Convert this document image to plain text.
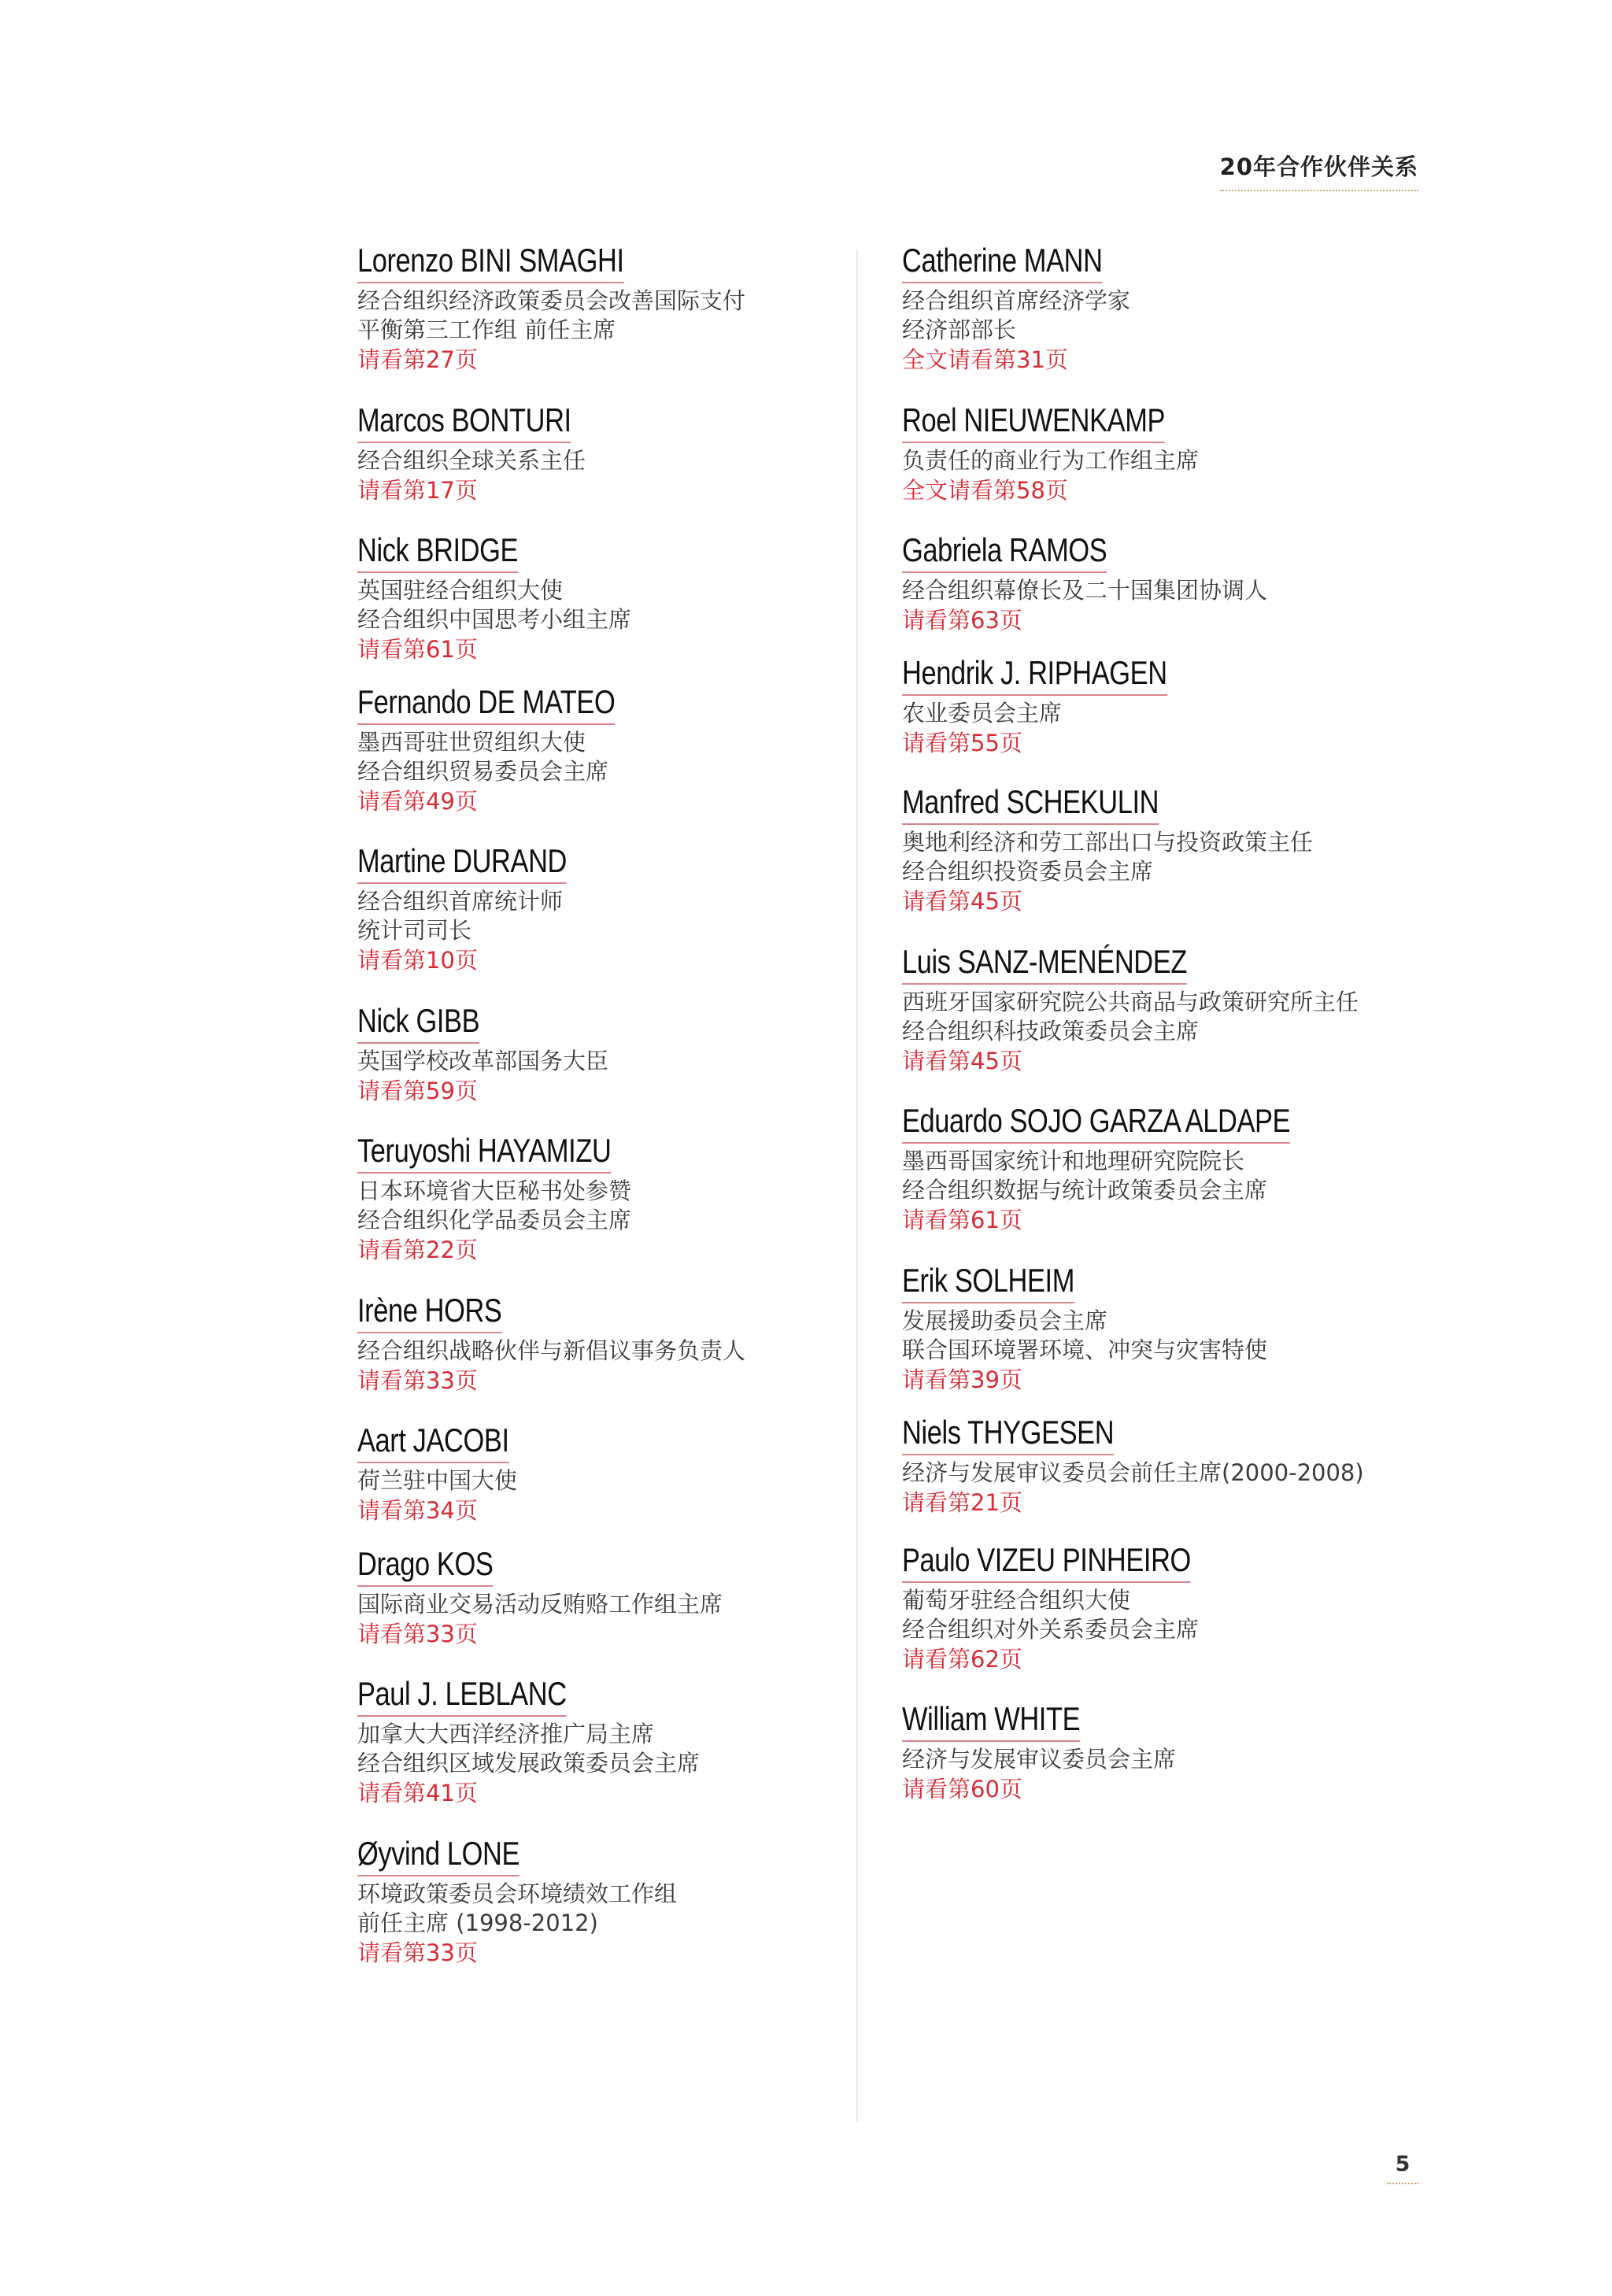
20年合作伙伴关系
Lorenzo BINI SMAGHI
经合组织经济政策委员会改善国际支付
平衡第三工作组 前任主席
请看第27页
Marcos BONTURI
经合组织全球关系主任
请看第17页
Nick BRIDGE
英国驻经合组织大使
经合组织中国思考小组主席
请看第61页
Fernando DE MATEO
墨西哥驻世贸组织大使
经合组织贸易委员会主席
请看第49页
Martine DURAND
经合组织首席统计师
统计司司长
请看第10页
Nick GIBB
英国学校改革部国务大臣
请看第59页
Teruyoshi HAYAMIZU
日本环境省大臣秘书处参赞
经合组织化学品委员会主席
请看第22页
Irène HORS
经合组织战略伙伴与新倡议事务负责人
请看第33页
Aart JACOBI
荷兰驻中国大使
请看第34页
Drago KOS
国际商业交易活动反贿赂工作组主席
请看第33页
Paul J. LEBLANC
加拿大大西洋经济推广局主席
经合组织区域发展政策委员会主席
请看第41页
Øyvind LONE
环境政策委员会环境绩效工作组
前任主席 (1998-2012)
请看第33页
Catherine MANN
经合组织首席经济学家
经济部部长
全文请看第31页
Roel NIEUWENKAMP
负责任的商业行为工作组主席
全文请看第58页
Gabriela RAMOS
经合组织幕僚长及二十国集团协调人
请看第63页
Hendrik J. RIPHAGEN
农业委员会主席
请看第55页
Manfred SCHEKULIN
奥地利经济和劳工部出口与投资政策主任
经合组织投资委员会主席
请看第45页
Luis SANZ-MENÉNDEZ
西班牙国家研究院公共商品与政策研究所主任
经合组织科技政策委员会主席
请看第45页
Eduardo SOJO GARZA ALDAPE
墨西哥国家统计和地理研究院院长
经合组织数据与统计政策委员会主席
请看第61页
Erik SOLHEIM
发展援助委员会主席
联合国环境署环境、冲突与灾害特使
请看第39页
Niels THYGESEN
经济与发展审议委员会前任主席(2000-2008)
请看第21页
Paulo VIZEU PINHEIRO
葡萄牙驻经合组织大使
经合组织对外关系委员会主席
请看第62页
William WHITE
经济与发展审议委员会主席
请看第60页
5
